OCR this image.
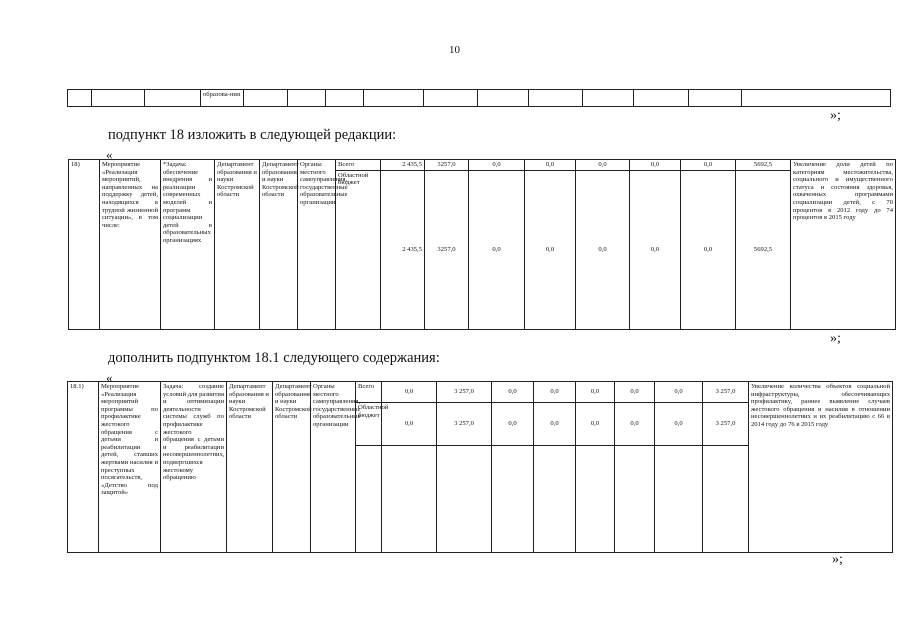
10
			образова-ния											
»;
подпункт 18 изложить в следующей редакции:
«
18)	Мероприятие «Реализация мероприятий, направленных на поддержку детей, находящихся в трудной жизненной ситуации», в том числе:	*Задача: обеспечение внедрения и реализации современных моделей и программ социализации детей в образовательных организациях	Департамент образования и науки Костромской области	Департамент образования и науки Костромской области	Органы местного самоуправления, государственные образовательные организации	Всего	2 435,5	3257,0	0,0	0,0	0,0	0,0	0,0	5692,5	Увеличение доли детей по категориям местожительства, социального и имущественного статуса и состояния здоровья, охваченных программами социализации детей, с 70 процентов в 2012 году до 74 процентов в 2015 году
						Областной бюджет	2 435,5	3257,0	0,0	0,0	0,0	0,0	0,0	5692,5	
»;
дополнить подпунктом 18.1 следующего содержания:
«
18.1)	Мероприятие «Реализация мероприятий программы по профилактике жестокого обращения с детьми и реабилитации детей, ставших жертвами насилия и преступных посягательств, «Детство под защитой»	Задача: создание условий для развития и оптимизации деятельности системы служб по профилактике жестокого обращения с детьми и реабилитации несовершеннолетних, подвергшихся жестокому обращению	Департамент образования и науки Костромской области	Департамент образования и науки Костромской области	Органы местного самоуправления, государственные образовательные организации	Всего	0,0	3 257,0	0,0	0,0	0,0	0,0	0,0	3 257,0	Увеличение количества объектов социальной инфраструктуры, обеспечивающих профилактику, раннее выявление случаев жестокого обращения и насилия в отношении несовершеннолетних и их реабилитацию с 66 в 2014 году до 76 в 2015 году
						Областной бюджет	0,0	3 257,0	0,0	0,0	0,0	0,0	0,0	3 257,0	

»;
